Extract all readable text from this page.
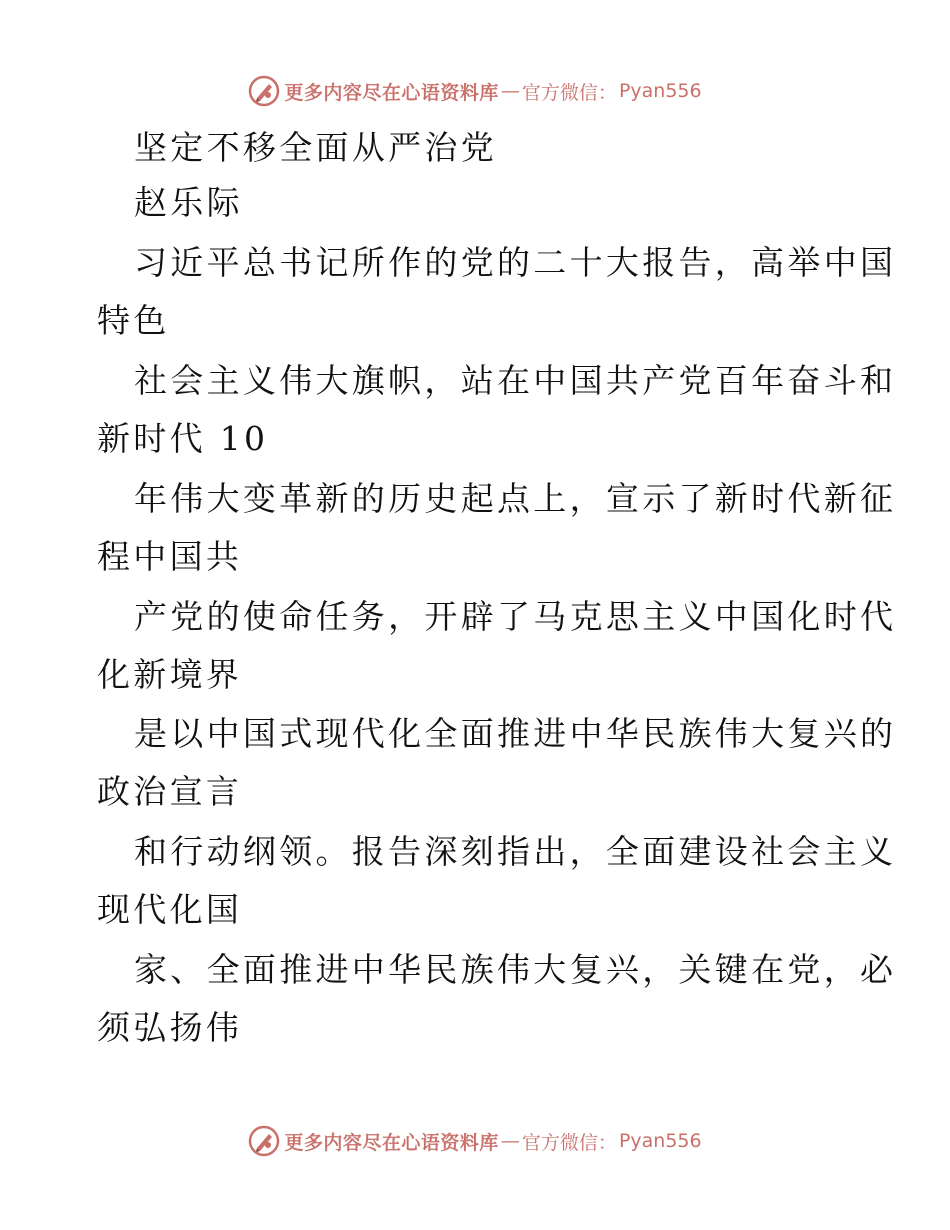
更多内容尽在心语资料库 — 官方微信： Pyan556
坚定不移全面从严治党
赵乐际
习近平总书记所作的党的二十大报告，高举中国
特色
社会主义伟大旗帜，站在中国共产党百年奋斗和
新时代 10
年伟大变革新的历史起点上，宣示了新时代新征
程中国共
产党的使命任务，开辟了马克思主义中国化时代
化新境界
是以中国式现代化全面推进中华民族伟大复兴的
政治宣言
和行动纲领。报告深刻指出，全面建设社会主义
现代化国
家、全面推进中华民族伟大复兴，关键在党，必
须弘扬伟
更多内容尽在心语资料库 — 官方微信： Pyan556
